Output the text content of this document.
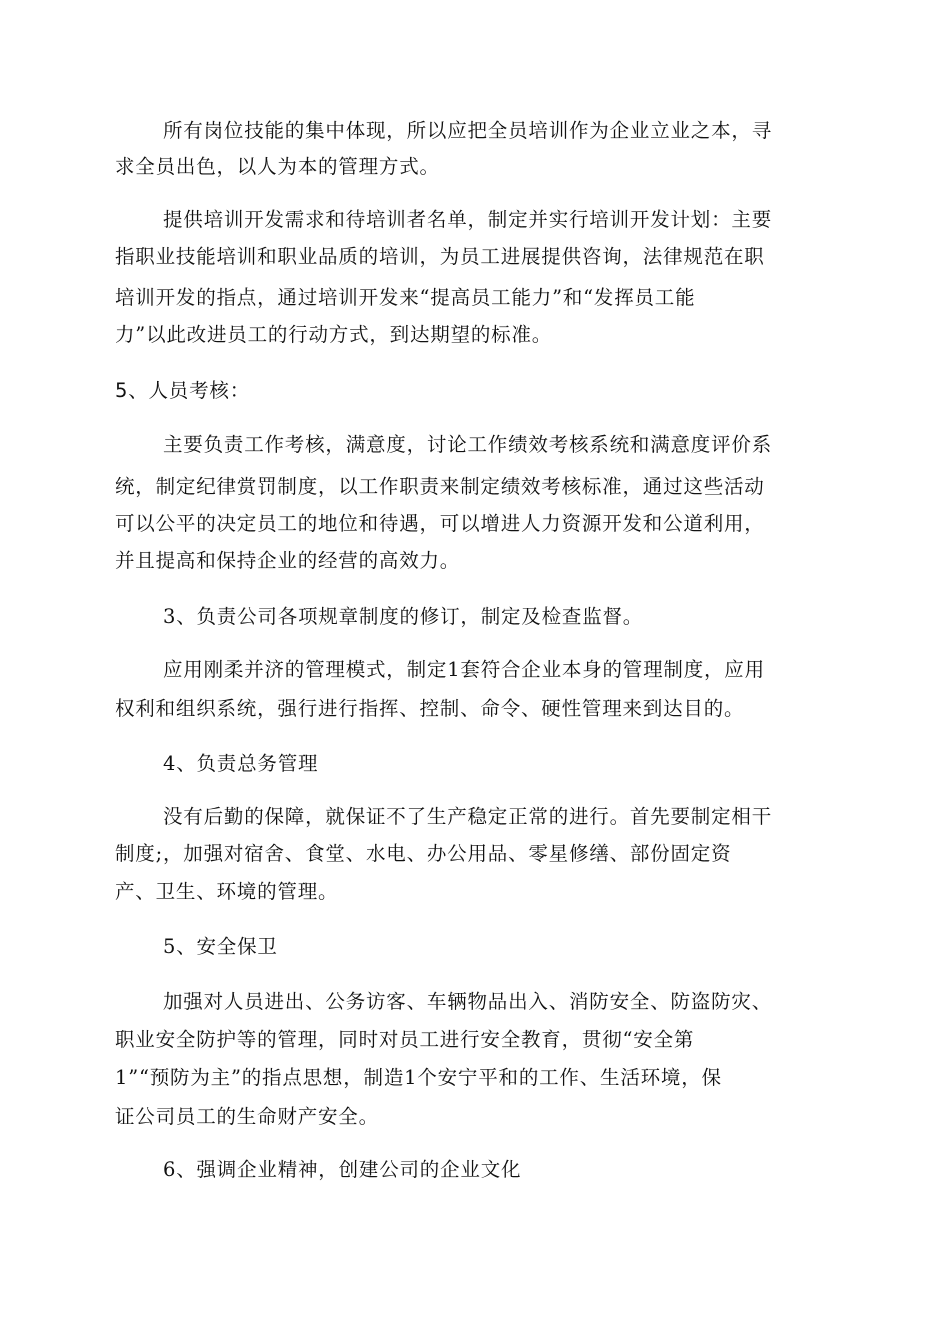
所有岗位技能的集中体现，所以应把全员培训作为企业立业之本，寻
求全员出色，以人为本的管理方式。
提供培训开发需求和待培训者名单，制定并实行培训开发计划：主要
指职业技能培训和职业品质的培训，为员工进展提供咨询，法律规范在职
培训开发的指点，通过培训开发来“提高员工能力”和“发挥员工能
力”以此改进员工的行动方式，到达期望的标准。
5、人员考核：
主要负责工作考核，满意度，讨论工作绩效考核系统和满意度评价系
统，制定纪律赏罚制度，以工作职责来制定绩效考核标准，通过这些活动
可以公平的决定员工的地位和待遇，可以增进人力资源开发和公道利用，
并且提高和保持企业的经营的高效力。
3、负责公司各项规章制度的修订，制定及检查监督。
应用刚柔并济的管理模式，制定1套符合企业本身的管理制度，应用
权利和组织系统，强行进行指挥、控制、命令、硬性管理来到达目的。
4、负责总务管理
没有后勤的保障，就保证不了生产稳定正常的进行。首先要制定相干
制度;，加强对宿舍、食堂、水电、办公用品、零星修缮、部份固定资
产、卫生、环境的管理。
5、安全保卫
加强对人员进出、公务访客、车辆物品出入、消防安全、防盗防灾、
职业安全防护等的管理，同时对员工进行安全教育，贯彻“安全第
1”“预防为主”的指点思想，制造1个安宁平和的工作、生活环境，保
证公司员工的生命财产安全。
6、强调企业精神，创建公司的企业文化
